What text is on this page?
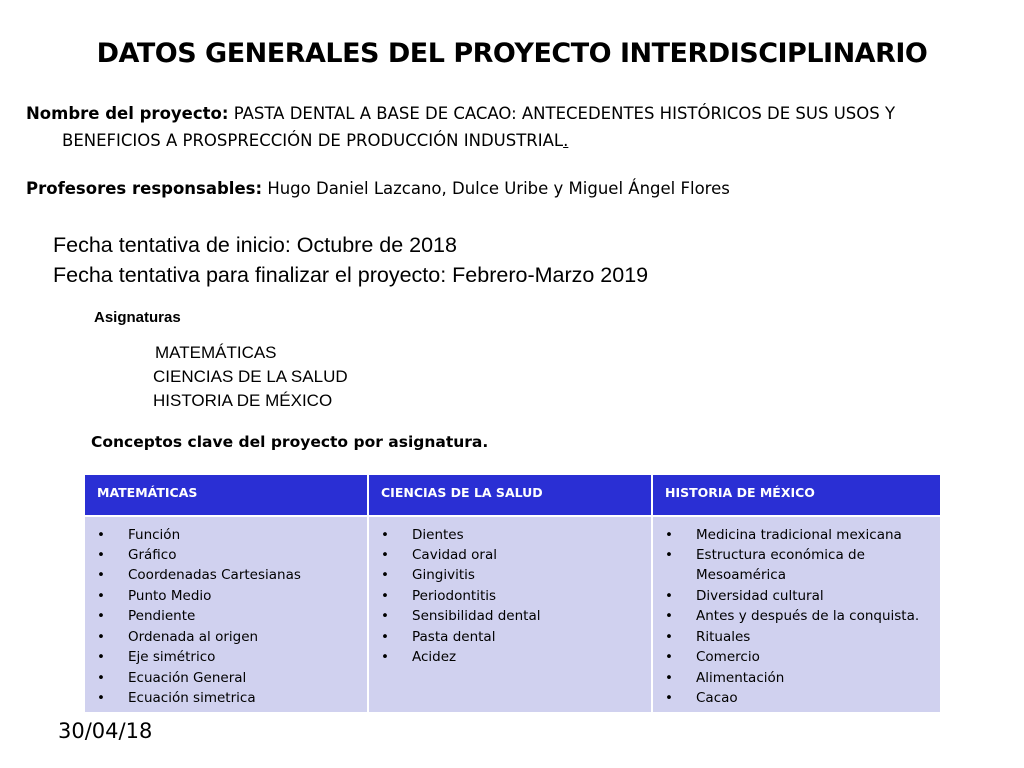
DATOS GENERALES DEL PROYECTO INTERDISCIPLINARIO
Nombre del proyecto: PASTA DENTAL A BASE DE CACAO: ANTECEDENTES HISTÓRICOS DE SUS USOS Y
BENEFICIOS A PROSPRECCIÓN DE PRODUCCIÓN INDUSTRIAL.
Profesores responsables: Hugo Daniel Lazcano, Dulce Uribe y Miguel Ángel Flores
Fecha tentativa de inicio: Octubre de 2018
Fecha tentativa para finalizar el proyecto: Febrero-Marzo 2019
Asignaturas
MATEMÁTICAS
CIENCIAS DE LA SALUD
HISTORIA DE MÉXICO
Conceptos clave del proyecto por asignatura.
MATEMÁTICAS	CIENCIAS DE LA SALUD	HISTORIA DE MÉXICO
• Función
• Gráfico
• Coordenadas Cartesianas
• Punto Medio
• Pendiente
• Ordenada al origen
• Eje simétrico
• Ecuación General
• Ecuación simetrica
• Dientes
• Cavidad oral
• Gingivitis
• Periodontitis
• Sensibilidad dental
• Pasta dental
• Acidez
• Medicina tradicional mexicana
• Estructura económica de
Mesoamérica
• Diversidad cultural
• Antes y después de la conquista.
• Rituales
• Comercio
• Alimentación
• Cacao
30/04/18
